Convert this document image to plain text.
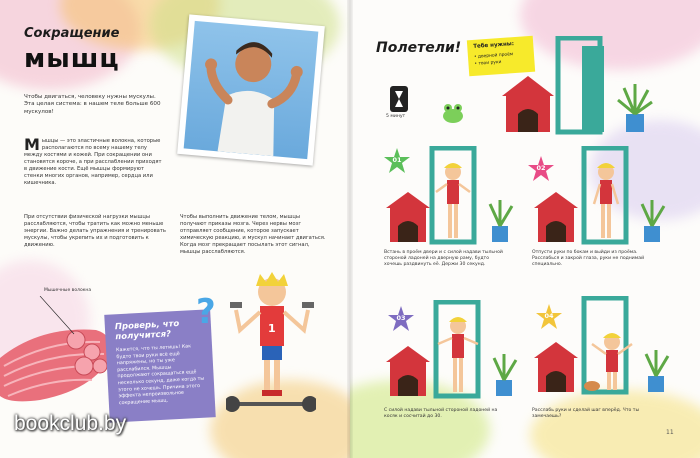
Сокращение
мышц
Чтобы двигаться, человеку нужны мускулы. Эта целая система: в нашем теле больше 600 мускулов!
Мышцы — это эластичные волокна, которые располагаются по всему нашему телу между костями и кожей. При сокращении они становятся короче, а при расслаблении приходят в движение кости. Ещё мышцы формируют стенки многих органов, например, сердца или кишечника.
При отсутствии физической нагрузки мышцы расслабляются, чтобы тратить как можно меньше энергии. Важно делать упражнения и тренировать мускулы, чтобы укрепить их и подготовить к движению.
Чтобы выполнить движение телом, мышцы получают приказы мозга. Через нервы мозг отправляет сообщение, которое запускает химическую реакцию, и мускул начинает двигаться. Когда мозг прекращает посылать этот сигнал, мышцы расслабляются.
Мышечные волокна
Проверь, что получится?
Кажется, что ты летишь! Как будто твои руки всё ещё напряжены, но ты уже расслабился. Мышцы продолжают сокращаться ещё несколько секунд, даже когда ты этого не хочешь. Причина этого эффекта непроизвольное сокращение мышц.
?	1
bookclub.by
Полетели! Тебе нужны:
• дверной проём
• твои руки
5 минут
01
02
03	04
Встань в проём двери и с силой надави тыльной стороной ладоней на дверную раму, будто хочешь раздвинуть её. Держи 30 секунд.
Отпусти руки по бокам и выйди из проёма. Расслабься и закрой глаза, руки не поднимай специально.
С силой надави тыльной стороной ладоней на косяк и сосчитай до 30.
Расслабь руки и сделай шаг вперёд. Что ты замечаешь?
11
